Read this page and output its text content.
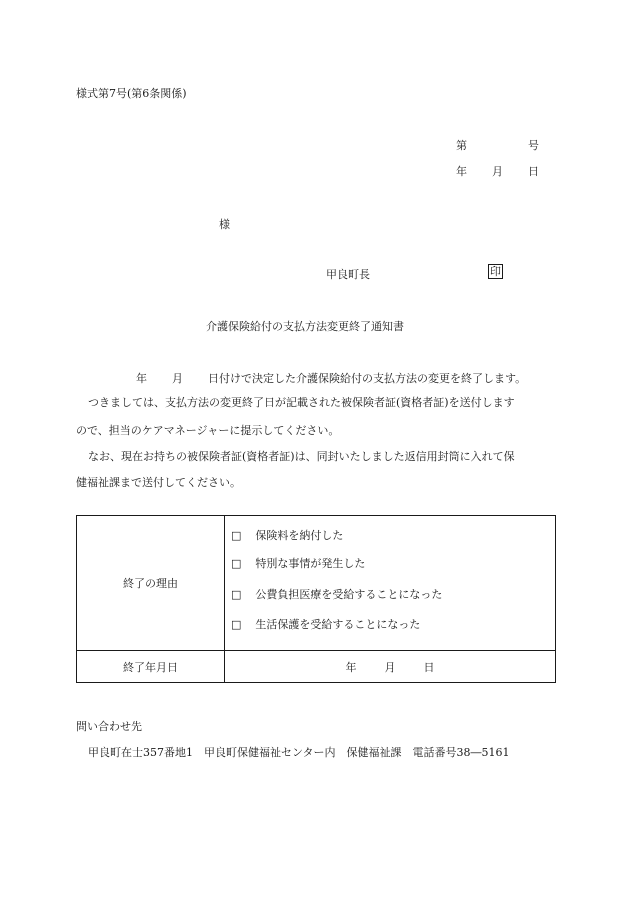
様式第7号(第6条関係)
第	号
年 月 日
様
甲良町長	印
介護保険給付の支払方法変更終了通知書
年 月 日付けで決定した介護保険給付の支払方法の変更を終了します。
つきましては、支払方法の変更終了日が記載された被保険者証(資格者証)を送付します
ので、担当のケアマネージャーに提示してください。
なお、現在お持ちの被保険者証(資格者証)は、同封いたしました返信用封筒に入れて保
健福祉課まで送付してください。
終了の理由	□ 保険料を納付した
□ 特別な事情が発生した
□ 公費負担医療を受給することになった
□ 生活保護を受給することになった

終了年月日	年 月 日
問い合わせ先
甲良町在士357番地1　甲良町保健福祉センター内　保健福祉課　電話番号38―5161
